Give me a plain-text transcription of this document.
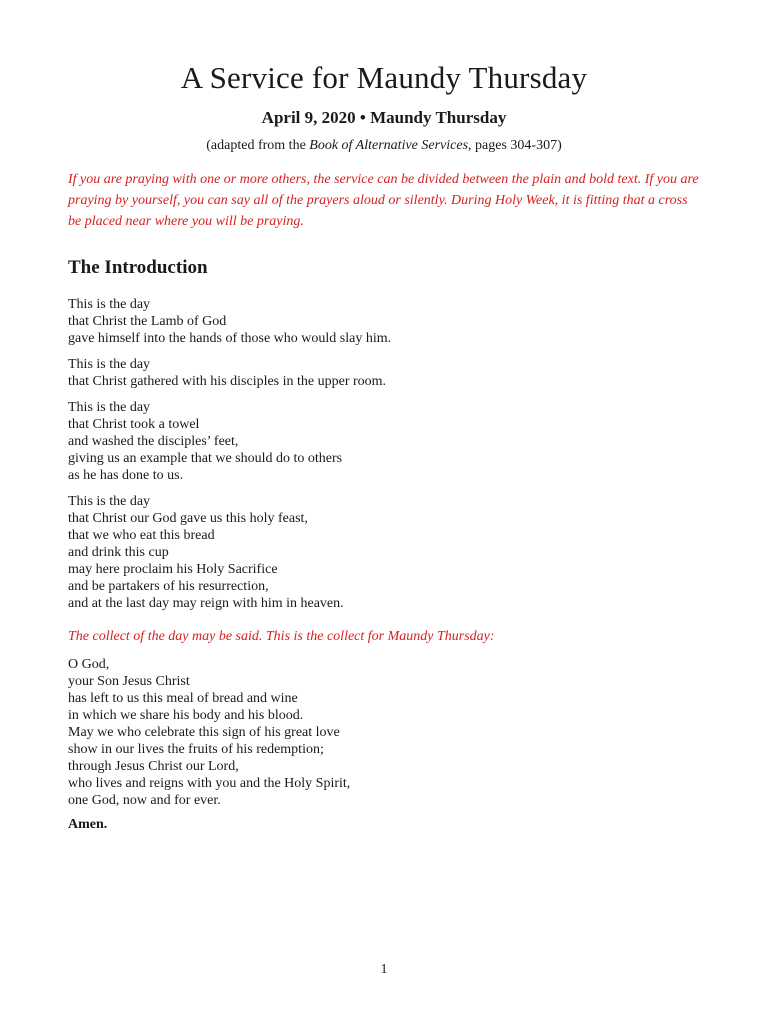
A Service for Maundy Thursday
April 9, 2020 • Maundy Thursday
(adapted from the Book of Alternative Services, pages 304-307)

If you are praying with one or more others, the service can be divided between the plain and bold text. If you are praying by yourself, you can say all of the prayers aloud or silently. During Holy Week, it is fitting that a cross be placed near where you will be praying.

The Introduction
This is the day
that Christ the Lamb of God
gave himself into the hands of those who would slay him.
This is the day
that Christ gathered with his disciples in the upper room.
This is the day
that Christ took a towel
and washed the disciples’ feet,
giving us an example that we should do to others
as he has done to us.
This is the day
that Christ our God gave us this holy feast,
that we who eat this bread
and drink this cup
may here proclaim his Holy Sacrifice
and be partakers of his resurrection,
and at the last day may reign with him in heaven.

The collect of the day may be said. This is the collect for Maundy Thursday:

O God,
your Son Jesus Christ
has left to us this meal of bread and wine
in which we share his body and his blood.
May we who celebrate this sign of his great love
show in our lives the fruits of his redemption;
through Jesus Christ our Lord,
who lives and reigns with you and the Holy Spirit,
one God, now and for ever.
Amen.
1
